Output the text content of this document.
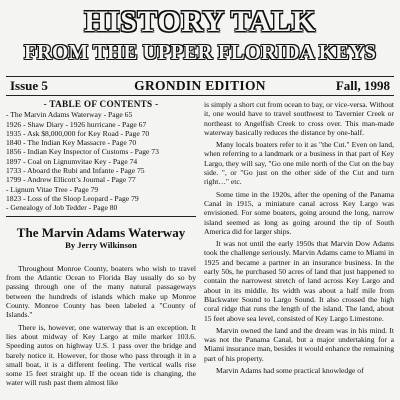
HISTORY TALK
FROM THE UPPER FLORIDA KEYS
Issue 5	GRONDIN EDITION	Fall, 1998
- TABLE OF CONTENTS -
- The Marvin Adams Waterway - Page 65
1926 - Shaw Diary - 1926 hurricane - Page 67
1935 - Ask $8,000,000 for Key Road - Page 70
1840 - The Indian Key Massacre - Page 70
1856 - Indian Key Inspector of Customs - Page 73
1897 - Coal on Lignumvitae Key - Page 74
1733 - Aboard the Rubi and Infante - Page 75
1799 - Andrew Ellicott’s Journal - Page 77
- Lignum Vitae Tree - Page 79
1823 - Loss of the Sloop Leopard - Page 79
- Genealogy of Job Tedder - Page 80
The Marvin Adams Waterway
By Jerry Wilkinson

Throughout Monroe County, boaters who wish to travel from the Atlantic Ocean to Florida Bay usually do so by passing through one of the many natural passageways between the hundreds of islands which make up Monroe County. Monroe County has been labeled a "County of Islands."

There is, however, one waterway that is an exception. It lies about midway of Key Largo at mile marker 103.6. Speeding autos on highway U.S. 1 pass over the bridge and barely notice it. However, for those who pass through it in a small boat, it is a different feeling. The vertical walls rise some 15 feet straight up. If the ocean tide is changing, the water will rush past them almost like

is simply a short cut from ocean to bay, or vice-versa. Without it, one would have to travel southwest to Tavernier Creek or northeast to Angelfish Creek to cross over. This man-made waterway basically reduces the distance by one-half.

Many locals boaters refer to it as "the Cut." Even on land, when referring to a landmark or a business in that part of Key Largo, they will say, "Go one mile north of the Cut on the bay side. ", or "Go just on the other side of the Cut and turn right…" etc.

Some time in the 1920s, after the opening of the Panama Canal in 1915, a miniature canal across Key Largo was envisioned. For some boaters, going around the long, narrow island seemed as long as going around the tip of South America did for larger ships.

It was not until the early 1950s that Marvin Dow Adams took the challenge seriously. Marvin Adams came to Miami in 1925 and became a partner in an insurance business. In the early 50s, he purchased 50 acres of land that just happened to contain the narrowest stretch of land across Key Largo and about in its middle. Its width was about a half mile from Blackwater Sound to Largo Sound. It also crossed the high coral ridge that runs the length of the island. The land, about 15 feet above sea level, consisted of Key Largo Limestone.

Marvin owned the land and the dream was in his mind. It was not the Panama Canal, but a major undertaking for a Miami insurance man, besides it would enhance the remaining part of his property.

Marvin Adams had some practical knowledge of
